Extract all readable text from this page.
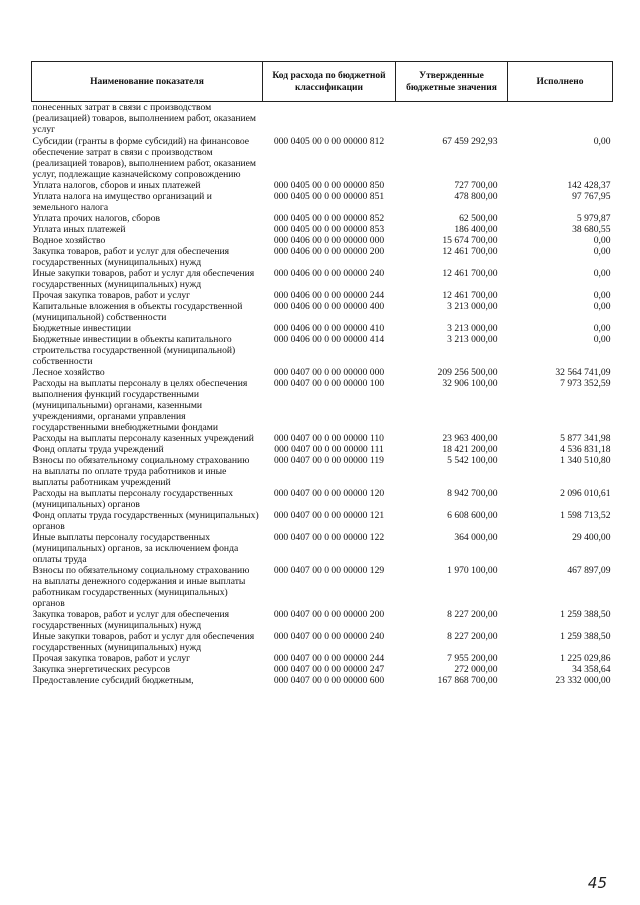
Наименование показателя	Код расхода по бюджетной классификации	Утвержденные бюджетные значения	Исполнено
понесенных затрат в связи с производством (реализацией) товаров, выполнением работ, оказанием услуг			
Субсидии (гранты в форме субсидий) на финансовое обеспечение затрат в связи с производством (реализацией товаров), выполнением работ, оказанием услуг, подлежащие казначейскому сопровождению	000 0405 00 0 00 00000 812	67 459 292,93	0,00
Уплата налогов, сборов и иных платежей	000 0405 00 0 00 00000 850	727 700,00	142 428,37
Уплата налога на имущество организаций и земельного налога	000 0405 00 0 00 00000 851	478 800,00	97 767,95
Уплата прочих налогов, сборов	000 0405 00 0 00 00000 852	62 500,00	5 979,87
Уплата иных платежей	000 0405 00 0 00 00000 853	186 400,00	38 680,55
Водное хозяйство	000 0406 00 0 00 00000 000	15 674 700,00	0,00
Закупка товаров, работ и услуг для обеспечения государственных (муниципальных) нужд	000 0406 00 0 00 00000 200	12 461 700,00	0,00
Иные закупки товаров, работ и услуг для обеспечения государственных (муниципальных) нужд	000 0406 00 0 00 00000 240	12 461 700,00	0,00
Прочая закупка товаров, работ и услуг	000 0406 00 0 00 00000 244	12 461 700,00	0,00
Капитальные вложения в объекты государственной (муниципальной) собственности	000 0406 00 0 00 00000 400	3 213 000,00	0,00
Бюджетные инвестиции	000 0406 00 0 00 00000 410	3 213 000,00	0,00
Бюджетные инвестиции в объекты капитального строительства государственной (муниципальной) собственности	000 0406 00 0 00 00000 414	3 213 000,00	0,00
Лесное хозяйство	000 0407 00 0 00 00000 000	209 256 500,00	32 564 741,09
Расходы на выплаты персоналу в целях обеспечения выполнения функций государственными (муниципальными) органами, казенными учреждениями, органами управления государственными внебюджетными фондами	000 0407 00 0 00 00000 100	32 906 100,00	7 973 352,59
Расходы на выплаты персоналу казенных учреждений	000 0407 00 0 00 00000 110	23 963 400,00	5 877 341,98
Фонд оплаты труда учреждений	000 0407 00 0 00 00000 111	18 421 200,00	4 536 831,18
Взносы по обязательному социальному страхованию на выплаты по оплате труда работников и иные выплаты работникам учреждений	000 0407 00 0 00 00000 119	5 542 100,00	1 340 510,80
Расходы на выплаты персоналу государственных (муниципальных) органов	000 0407 00 0 00 00000 120	8 942 700,00	2 096 010,61
Фонд оплаты труда государственных (муниципальных) органов	000 0407 00 0 00 00000 121	6 608 600,00	1 598 713,52
Иные выплаты персоналу государственных (муниципальных) органов, за исключением фонда оплаты труда	000 0407 00 0 00 00000 122	364 000,00	29 400,00
Взносы по обязательному социальному страхованию на выплаты денежного содержания и иные выплаты работникам государственных (муниципальных) органов	000 0407 00 0 00 00000 129	1 970 100,00	467 897,09
Закупка товаров, работ и услуг для обеспечения государственных (муниципальных) нужд	000 0407 00 0 00 00000 200	8 227 200,00	1 259 388,50
Иные закупки товаров, работ и услуг для обеспечения государственных (муниципальных) нужд	000 0407 00 0 00 00000 240	8 227 200,00	1 259 388,50
Прочая закупка товаров, работ и услуг	000 0407 00 0 00 00000 244	7 955 200,00	1 225 029,86
Закупка энергетических ресурсов	000 0407 00 0 00 00000 247	272 000,00	34 358,64
Предоставление субсидий бюджетным,	000 0407 00 0 00 00000 600	167 868 700,00	23 332 000,00
45
